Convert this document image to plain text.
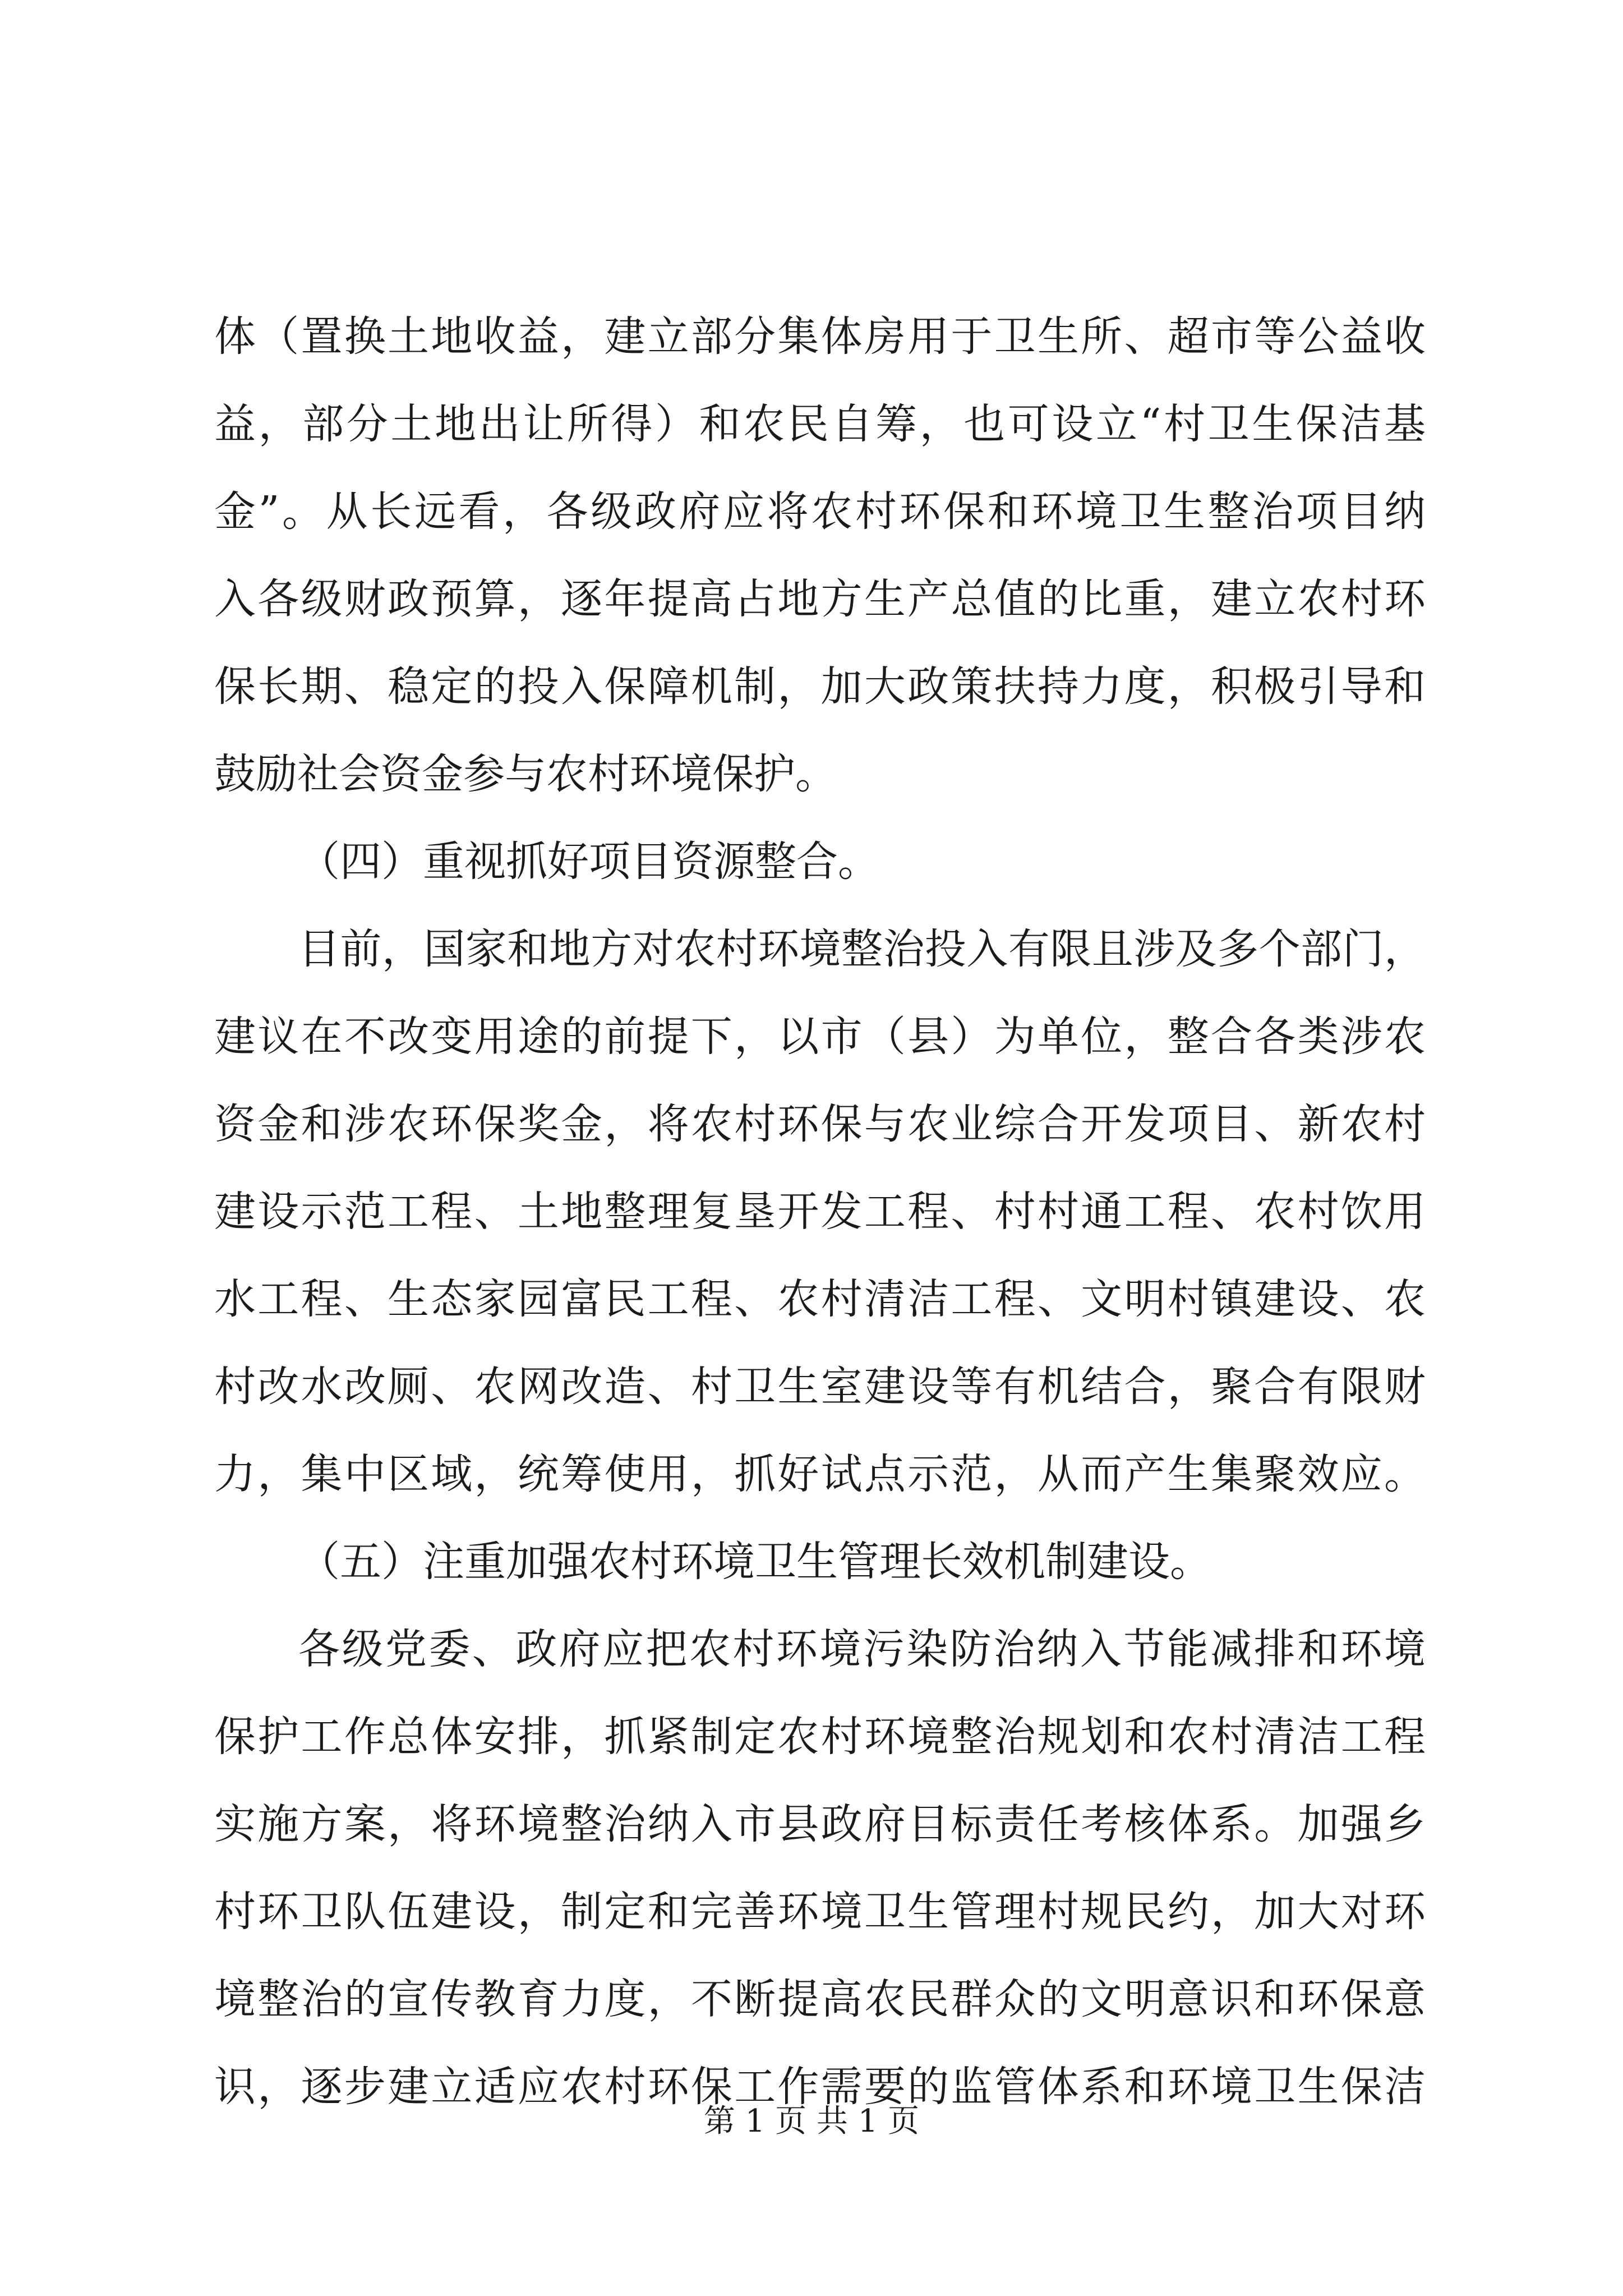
体（置换土地收益，建立部分集体房用于卫生所、超市等公益收
益，部分土地出让所得）和农民自筹，也可设立“村卫生保洁基
金”。从长远看，各级政府应将农村环保和环境卫生整治项目纳
入各级财政预算，逐年提高占地方生产总值的比重，建立农村环
保长期、稳定的投入保障机制，加大政策扶持力度，积极引导和
鼓励社会资金参与农村环境保护。
（四）重视抓好项目资源整合。
目前，国家和地方对农村环境整治投入有限且涉及多个部门，
建议在不改变用途的前提下，以市（县）为单位，整合各类涉农
资金和涉农环保奖金，将农村环保与农业综合开发项目、新农村
建设示范工程、土地整理复垦开发工程、村村通工程、农村饮用
水工程、生态家园富民工程、农村清洁工程、文明村镇建设、农
村改水改厕、农网改造、村卫生室建设等有机结合，聚合有限财
力，集中区域，统筹使用，抓好试点示范，从而产生集聚效应。
（五）注重加强农村环境卫生管理长效机制建设。
各级党委、政府应把农村环境污染防治纳入节能减排和环境
保护工作总体安排，抓紧制定农村环境整治规划和农村清洁工程
实施方案，将环境整治纳入市县政府目标责任考核体系。加强乡
村环卫队伍建设，制定和完善环境卫生管理村规民约，加大对环
境整治的宣传教育力度，不断提高农民群众的文明意识和环保意
识，逐步建立适应农村环保工作需要的监管体系和环境卫生保洁
第 1 页 共 1 页
